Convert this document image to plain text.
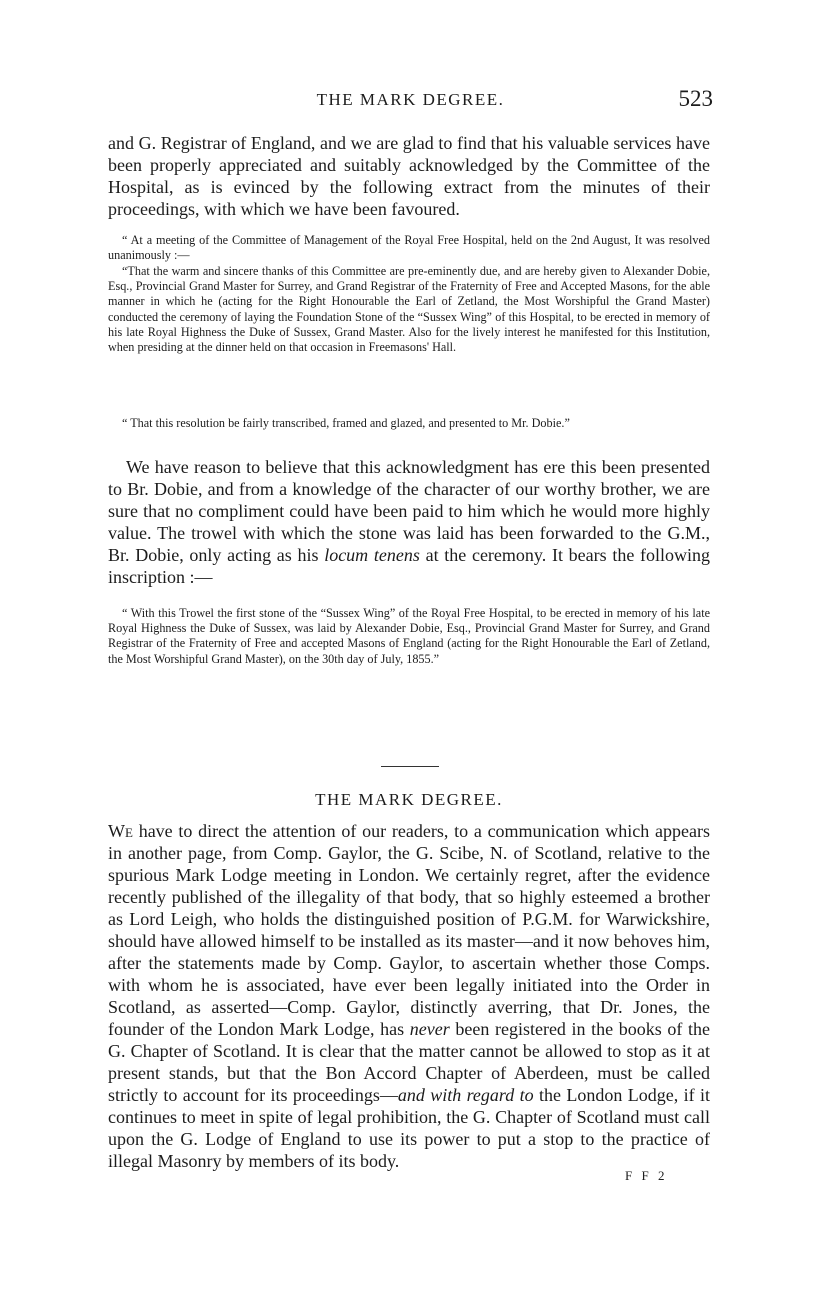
THE MARK DEGREE.	523

and G. Registrar of England, and we are glad to find that his valuable services have been properly appreciated and suitably acknowledged by the Committee of the Hospital, as is evinced by the following extract from the minutes of their proceedings, with which we have been favoured.

“ At a meeting of the Committee of Management of the Royal Free Hospital, held on the 2nd August, It was resolved unanimously :—

“That the warm and sincere thanks of this Committee are pre-eminently due, and are hereby given to Alexander Dobie, Esq., Provincial Grand Master for Surrey, and Grand Registrar of the Fraternity of Free and Accepted Masons, for the able manner in which he (acting for the Right Honourable the Earl of Zetland, the Most Worshipful the Grand Master) conducted the ceremony of laying the Foundation Stone of the “Sussex Wing” of this Hospital, to be erected in memory of his late Royal Highness the Duke of Sussex, Grand Master. Also for the lively interest he manifested for this Institution, when presiding at the dinner held on that occasion in Freemasons' Hall.

“ That this resolution be fairly transcribed, framed and glazed, and presented to Mr. Dobie.”

We have reason to believe that this acknowledgment has ere this been presented to Br. Dobie, and from a knowledge of the character of our worthy brother, we are sure that no compliment could have been paid to him which he would more highly value. The trowel with which the stone was laid has been forwarded to the G.M., Br. Dobie, only acting as his locum tenens at the ceremony. It bears the following inscription :—

“ With this Trowel the first stone of the “Sussex Wing” of the Royal Free Hospital, to be erected in memory of his late Royal Highness the Duke of Sussex, was laid by Alexander Dobie, Esq., Provincial Grand Master for Surrey, and Grand Registrar of the Fraternity of Free and accepted Masons of England (acting for the Right Honourable the Earl of Zetland, the Most Worshipful Grand Master), on the 30th day of July, 1855.”

THE MARK DEGREE.

We have to direct the attention of our readers, to a communication which appears in another page, from Comp. Gaylor, the G. Scibe, N. of Scotland, relative to the spurious Mark Lodge meeting in London. We certainly regret, after the evidence recently published of the illegality of that body, that so highly esteemed a brother as Lord Leigh, who holds the distinguished position of P.G.M. for Warwickshire, should have allowed himself to be installed as its master—and it now behoves him, after the statements made by Comp. Gaylor, to ascertain whether those Comps. with whom he is associated, have ever been legally initiated into the Order in Scotland, as asserted—Comp. Gaylor, distinctly averring, that Dr. Jones, the founder of the London Mark Lodge, has never been registered in the books of the G. Chapter of Scotland. It is clear that the matter cannot be allowed to stop as it at present stands, but that the Bon Accord Chapter of Aberdeen, must be called strictly to account for its proceedings—and with regard to the London Lodge, if it continues to meet in spite of legal prohibition, the G. Chapter of Scotland must call upon the G. Lodge of England to use its power to put a stop to the practice of illegal Masonry by members of its body.

F F 2
